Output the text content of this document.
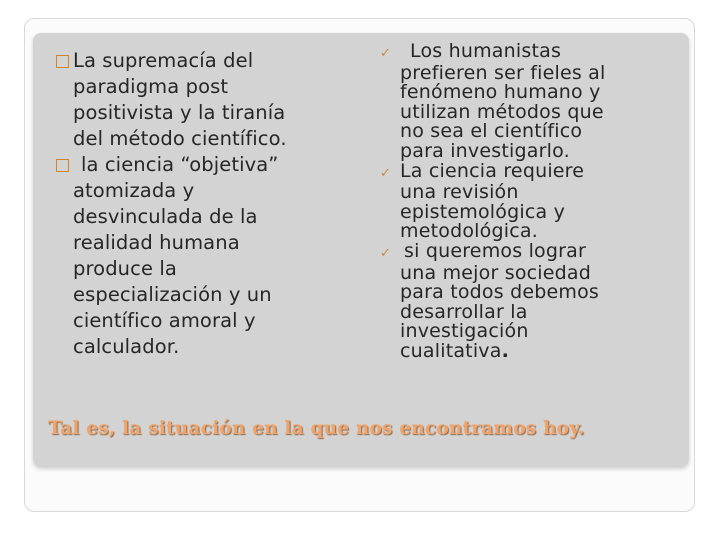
La supremacía del
paradigma post
positivista y la tiranía
del método científico.
la ciencia “objetiva”
atomizada y
desvinculada de la
realidad humana
produce la
especialización y un
científico amoral y
calculador.
✓ Los humanistas
prefieren ser fieles al
fenómeno humano y
utilizan métodos que
no sea el científico
para investigarlo.
✓ La ciencia requiere
una revisión
epistemológica y
metodológica.
✓ si queremos lograr
una mejor sociedad
para todos debemos
desarrollar la
investigación
cualitativa.
Tal es, la situación en la que nos encontramos hoy.
